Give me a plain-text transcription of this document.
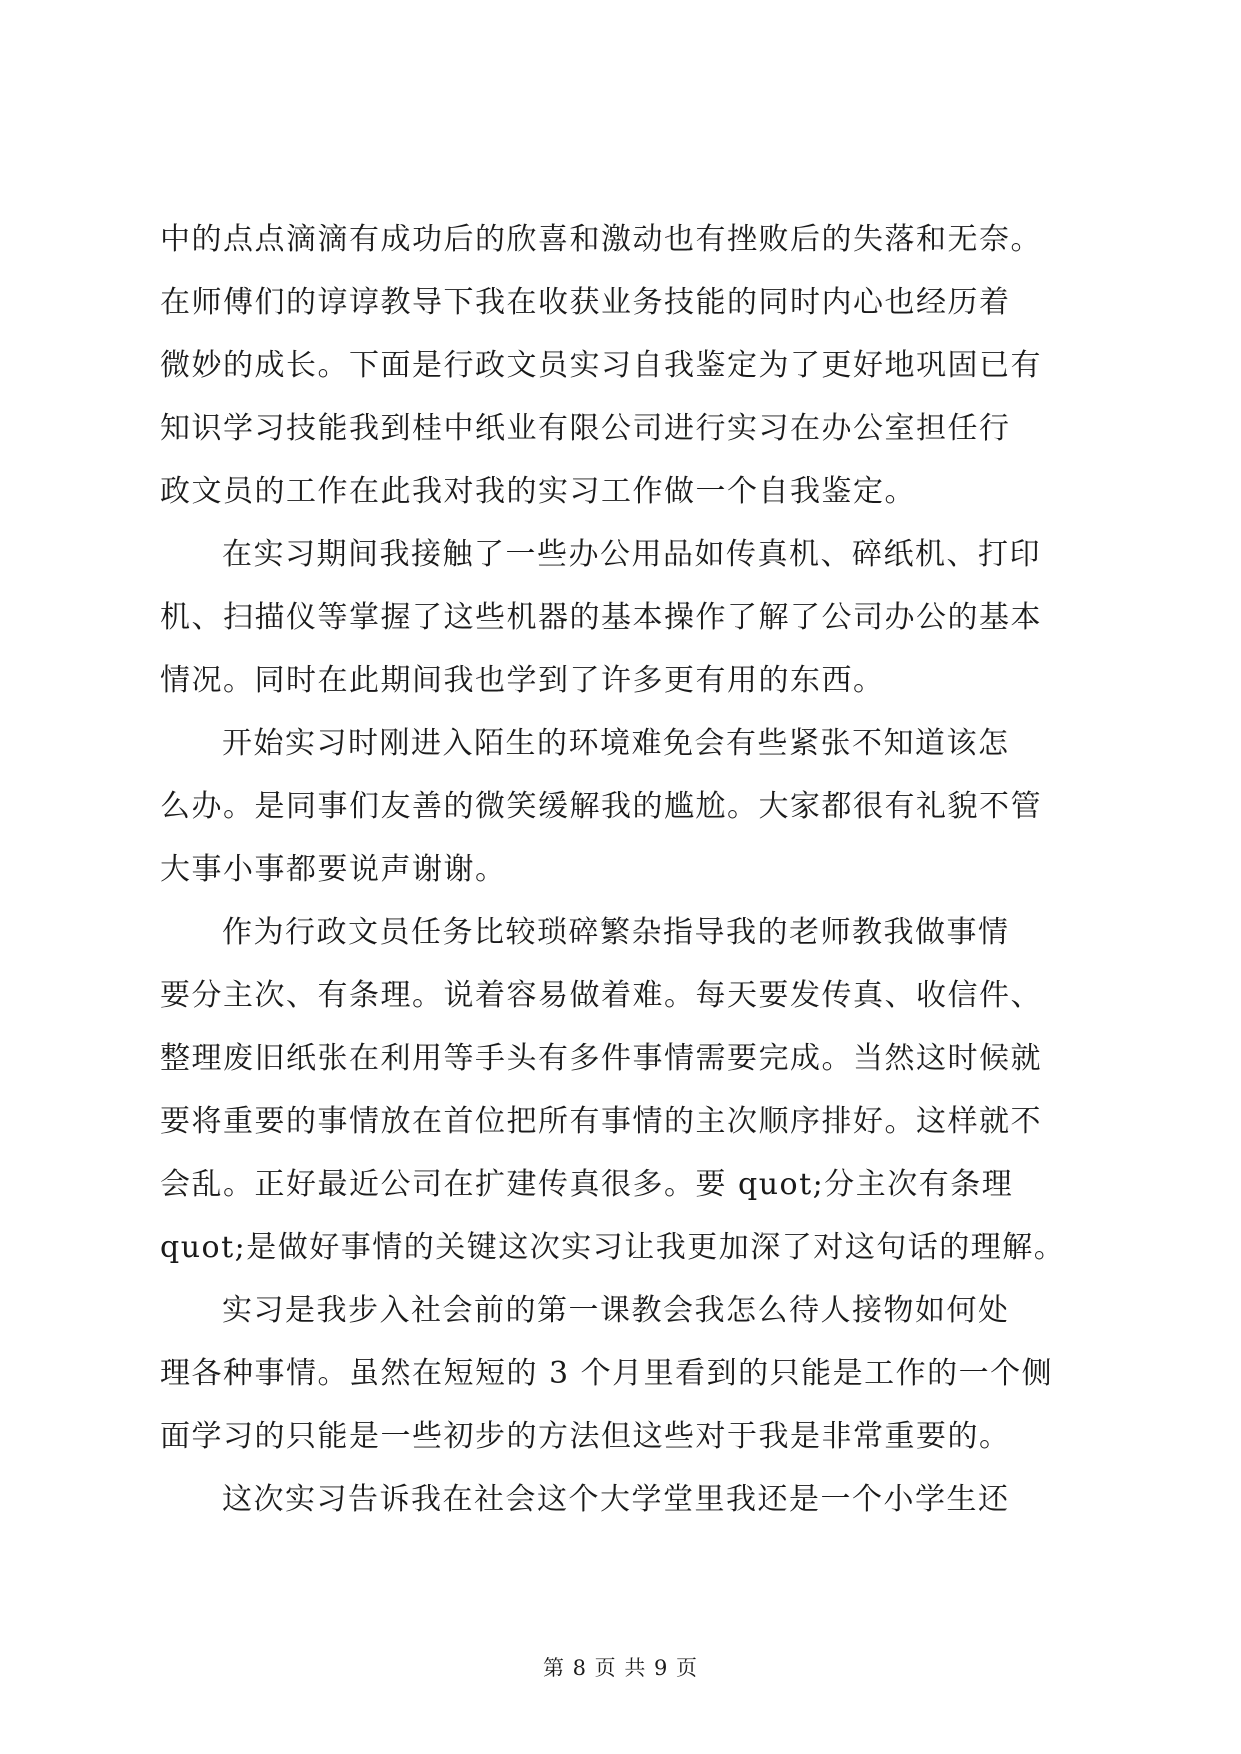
中的点点滴滴有成功后的欣喜和激动也有挫败后的失落和无奈。
在师傅们的谆谆教导下我在收获业务技能的同时内心也经历着
微妙的成长。下面是行政文员实习自我鉴定为了更好地巩固已有
知识学习技能我到桂中纸业有限公司进行实习在办公室担任行
政文员的工作在此我对我的实习工作做一个自我鉴定。
在实习期间我接触了一些办公用品如传真机、碎纸机、打印
机、扫描仪等掌握了这些机器的基本操作了解了公司办公的基本
情况。同时在此期间我也学到了许多更有用的东西。
开始实习时刚进入陌生的环境难免会有些紧张不知道该怎
么办。是同事们友善的微笑缓解我的尴尬。大家都很有礼貌不管
大事小事都要说声谢谢。
作为行政文员任务比较琐碎繁杂指导我的老师教我做事情
要分主次、有条理。说着容易做着难。每天要发传真、收信件、
整理废旧纸张在利用等手头有多件事情需要完成。当然这时候就
要将重要的事情放在首位把所有事情的主次顺序排好。这样就不
会乱。正好最近公司在扩建传真很多。要 quot;分主次有条理
quot;是做好事情的关键这次实习让我更加深了对这句话的理解。
实习是我步入社会前的第一课教会我怎么待人接物如何处
理各种事情。虽然在短短的 3 个月里看到的只能是工作的一个侧
面学习的只能是一些初步的方法但这些对于我是非常重要的。
这次实习告诉我在社会这个大学堂里我还是一个小学生还
第 8 页 共 9 页
